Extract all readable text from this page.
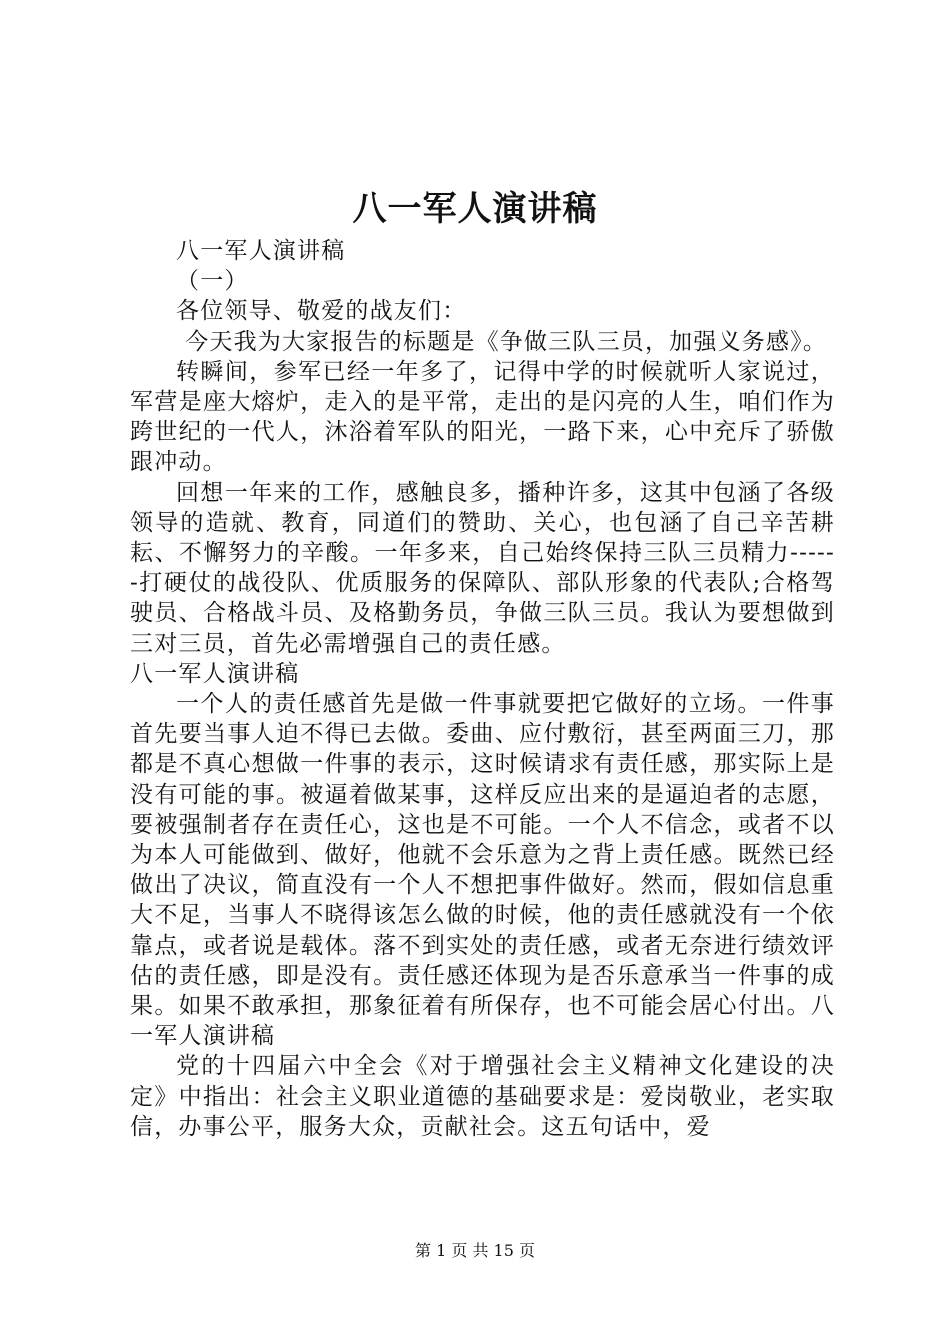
八一军人演讲稿

八一军人演讲稿

（一）

各位领导、敬爱的战友们：

今天我为大家报告的标题是《争做三队三员，加强义务感》。

转瞬间，参军已经一年多了，记得中学的时候就听人家说过，军营是座大熔炉，走入的是平常，走出的是闪亮的人生，咱们作为跨世纪的一代人，沐浴着军队的阳光，一路下来，心中充斥了骄傲跟冲动。

回想一年来的工作，感触良多，播种许多，这其中包涵了各级领导的造就、教育，同道们的赞助、关心，也包涵了自己辛苦耕耘、不懈努力的辛酸。一年多来，自己始终保持三队三员精力------打硬仗的战役队、优质服务的保障队、部队形象的代表队;合格驾驶员、合格战斗员、及格勤务员，争做三队三员。我认为要想做到三对三员，首先必需增强自己的责任感。

八一军人演讲稿

一个人的责任感首先是做一件事就要把它做好的立场。一件事首先要当事人迫不得已去做。委曲、应付敷衍，甚至两面三刀，那都是不真心想做一件事的表示，这时候请求有责任感，那实际上是没有可能的事。被逼着做某事，这样反应出来的是逼迫者的志愿，要被强制者存在责任心，这也是不可能。一个人不信念，或者不以为本人可能做到、做好，他就不会乐意为之背上责任感。既然已经做出了决议，简直没有一个人不想把事件做好。然而，假如信息重大不足，当事人不晓得该怎么做的时候，他的责任感就没有一个依靠点，或者说是载体。落不到实处的责任感，或者无奈进行绩效评估的责任感，即是没有。责任感还体现为是否乐意承当一件事的成果。如果不敢承担，那象征着有所保存，也不可能会居心付出。八一军人演讲稿

党的十四届六中全会《对于增强社会主义精神文化建设的决定》中指出：社会主义职业道德的基础要求是：爱岗敬业，老实取信，办事公平，服务大众，贡献社会。这五句话中，爱

第 1 页 共 15 页
